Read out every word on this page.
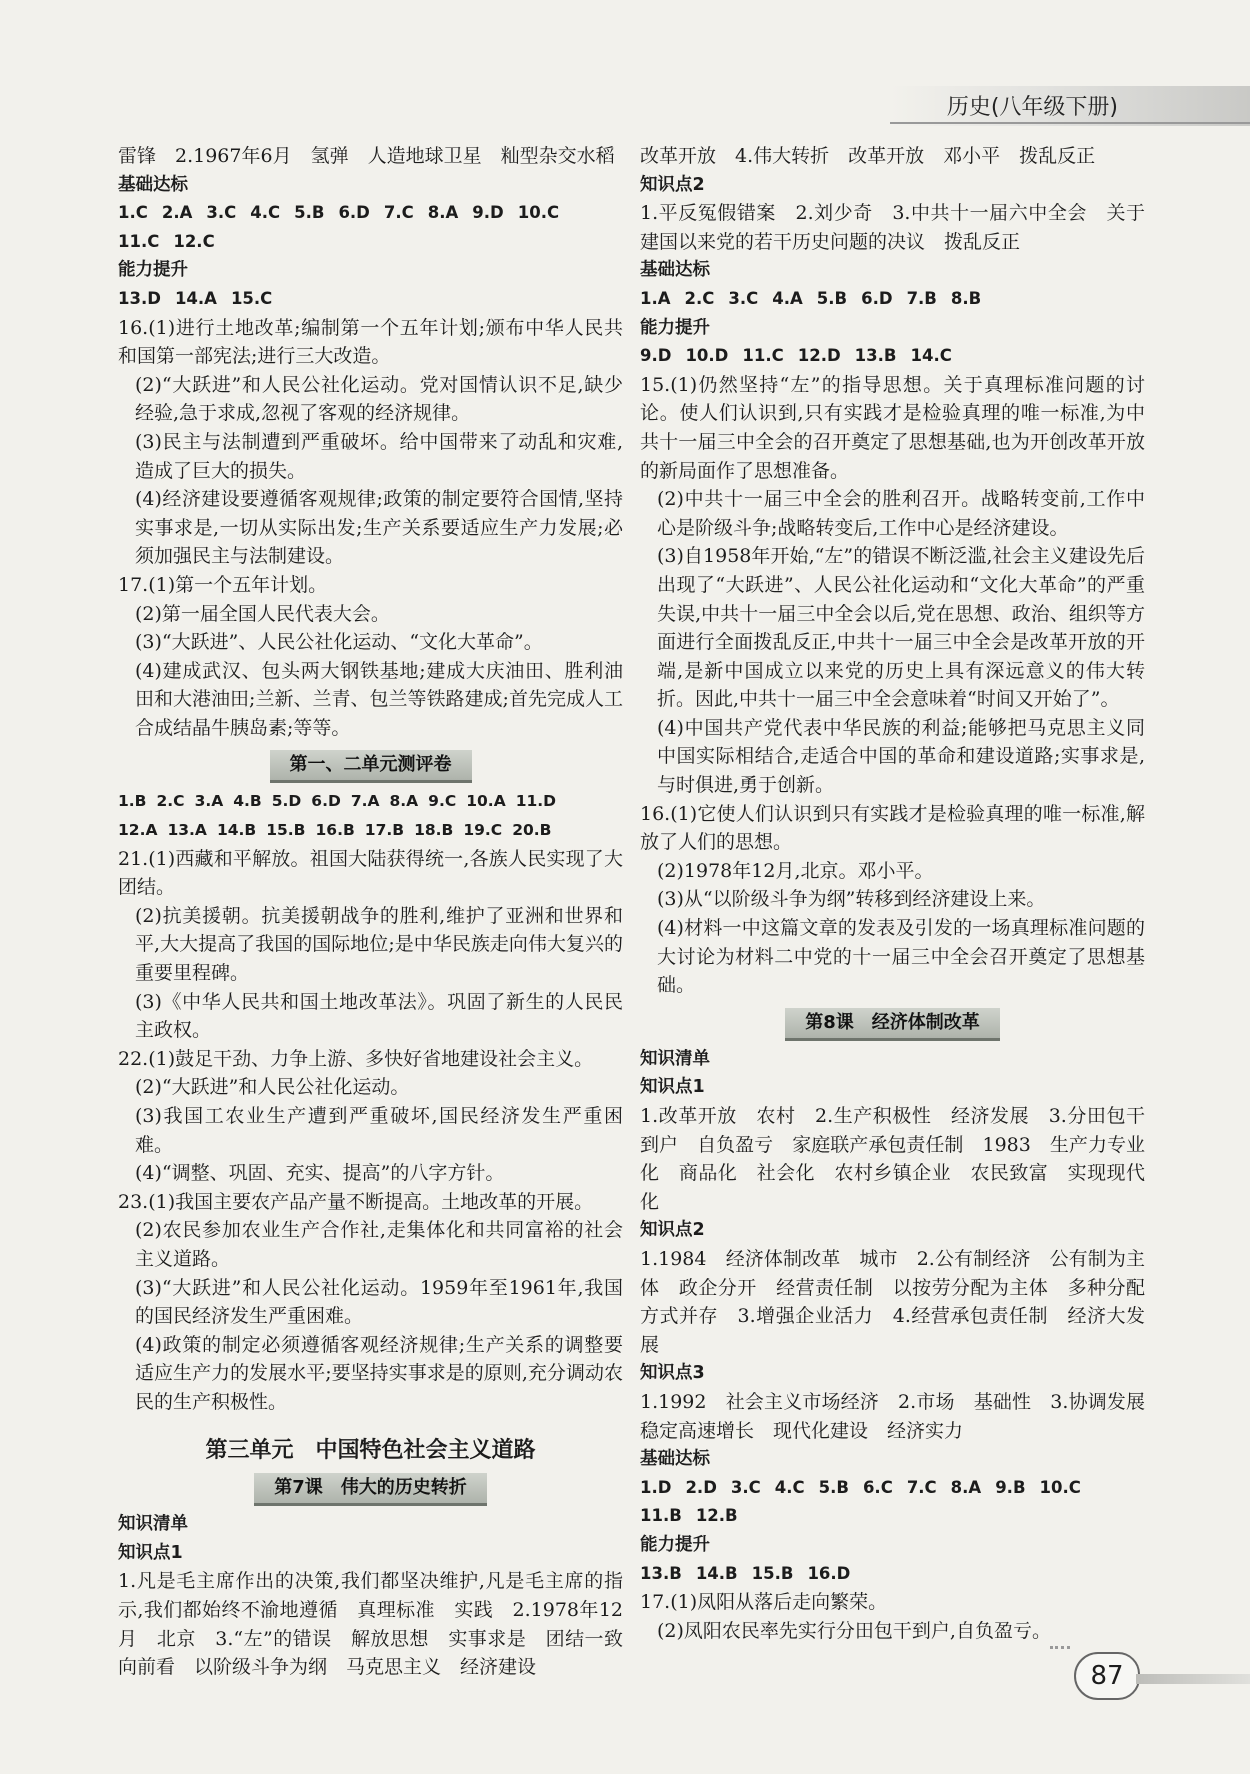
历史(八年级下册)

雷锋　2.1967年6月　氢弹　人造地球卫星　籼型杂交水稻

基础达标

1.C 2.A 3.C 4.C 5.B 6.D 7.C 8.A 9.D 10.C

11.C 12.C

能力提升

13.D 14.A 15.C

16.(1)进行土地改革;编制第一个五年计划;颁布中华人民共和国第一部宪法;进行三大改造。

(2)“大跃进”和人民公社化运动。党对国情认识不足,缺少经验,急于求成,忽视了客观的经济规律。

(3)民主与法制遭到严重破坏。给中国带来了动乱和灾难,造成了巨大的损失。

(4)经济建设要遵循客观规律;政策的制定要符合国情,坚持实事求是,一切从实际出发;生产关系要适应生产力发展;必须加强民主与法制建设。

17.(1)第一个五年计划。

(2)第一届全国人民代表大会。

(3)“大跃进”、人民公社化运动、“文化大革命”。

(4)建成武汉、包头两大钢铁基地;建成大庆油田、胜利油田和大港油田;兰新、兰青、包兰等铁路建成;首先完成人工合成结晶牛胰岛素;等等。

第一、二单元测评卷

1.B 2.C 3.A 4.B 5.D 6.D 7.A 8.A 9.C 10.A 11.D

12.A 13.A 14.B 15.B 16.B 17.B 18.B 19.C 20.B

21.(1)西藏和平解放。祖国大陆获得统一,各族人民实现了大团结。

(2)抗美援朝。抗美援朝战争的胜利,维护了亚洲和世界和平,大大提高了我国的国际地位;是中华民族走向伟大复兴的重要里程碑。

(3)《中华人民共和国土地改革法》。巩固了新生的人民民主政权。

22.(1)鼓足干劲、力争上游、多快好省地建设社会主义。

(2)“大跃进”和人民公社化运动。

(3)我国工农业生产遭到严重破坏,国民经济发生严重困难。

(4)“调整、巩固、充实、提高”的八字方针。

23.(1)我国主要农产品产量不断提高。土地改革的开展。

(2)农民参加农业生产合作社,走集体化和共同富裕的社会主义道路。

(3)“大跃进”和人民公社化运动。1959年至1961年,我国的国民经济发生严重困难。

(4)政策的制定必须遵循客观经济规律;生产关系的调整要适应生产力的发展水平;要坚持实事求是的原则,充分调动农民的生产积极性。

第三单元　中国特色社会主义道路
第7课　伟大的历史转折

知识清单

知识点1

1.凡是毛主席作出的决策,我们都坚决维护,凡是毛主席的指示,我们都始终不渝地遵循　真理标准　实践　2.1978年12月　北京　3.“左”的错误　解放思想　实事求是　团结一致向前看　以阶级斗争为纲　马克思主义　经济建设

改革开放　4.伟大转折　改革开放　邓小平　拨乱反正

知识点2

1.平反冤假错案　2.刘少奇　3.中共十一届六中全会　关于建国以来党的若干历史问题的决议　拨乱反正

基础达标

1.A 2.C 3.C 4.A 5.B 6.D 7.B 8.B

能力提升

9.D 10.D 11.C 12.D 13.B 14.C

15.(1)仍然坚持“左”的指导思想。关于真理标准问题的讨论。使人们认识到,只有实践才是检验真理的唯一标准,为中共十一届三中全会的召开奠定了思想基础,也为开创改革开放的新局面作了思想准备。

(2)中共十一届三中全会的胜利召开。战略转变前,工作中心是阶级斗争;战略转变后,工作中心是经济建设。

(3)自1958年开始,“左”的错误不断泛滥,社会主义建设先后出现了“大跃进”、人民公社化运动和“文化大革命”的严重失误,中共十一届三中全会以后,党在思想、政治、组织等方面进行全面拨乱反正,中共十一届三中全会是改革开放的开端,是新中国成立以来党的历史上具有深远意义的伟大转折。因此,中共十一届三中全会意味着“时间又开始了”。

(4)中国共产党代表中华民族的利益;能够把马克思主义同中国实际相结合,走适合中国的革命和建设道路;实事求是,与时俱进,勇于创新。

16.(1)它使人们认识到只有实践才是检验真理的唯一标准,解放了人们的思想。

(2)1978年12月,北京。邓小平。

(3)从“以阶级斗争为纲”转移到经济建设上来。

(4)材料一中这篇文章的发表及引发的一场真理标准问题的大讨论为材料二中党的十一届三中全会召开奠定了思想基础。

第8课　经济体制改革

知识清单

知识点1

1.改革开放　农村　2.生产积极性　经济发展　3.分田包干到户　自负盈亏　家庭联产承包责任制　1983　生产力专业化　商品化　社会化　农村乡镇企业　农民致富　实现现代化

知识点2

1.1984　经济体制改革　城市　2.公有制经济　公有制为主体　政企分开　经营责任制　以按劳分配为主体　多种分配方式并存　3.增强企业活力　4.经营承包责任制　经济大发展

知识点3

1.1992　社会主义市场经济　2.市场　基础性　3.协调发展稳定高速增长　现代化建设　经济实力

基础达标

1.D 2.D 3.C 4.C 5.B 6.C 7.C 8.A 9.B 10.C

11.B 12.B

能力提升

13.B 14.B 15.B 16.D

17.(1)凤阳从落后走向繁荣。

(2)凤阳农民率先实行分田包干到户,自负盈亏。

87
